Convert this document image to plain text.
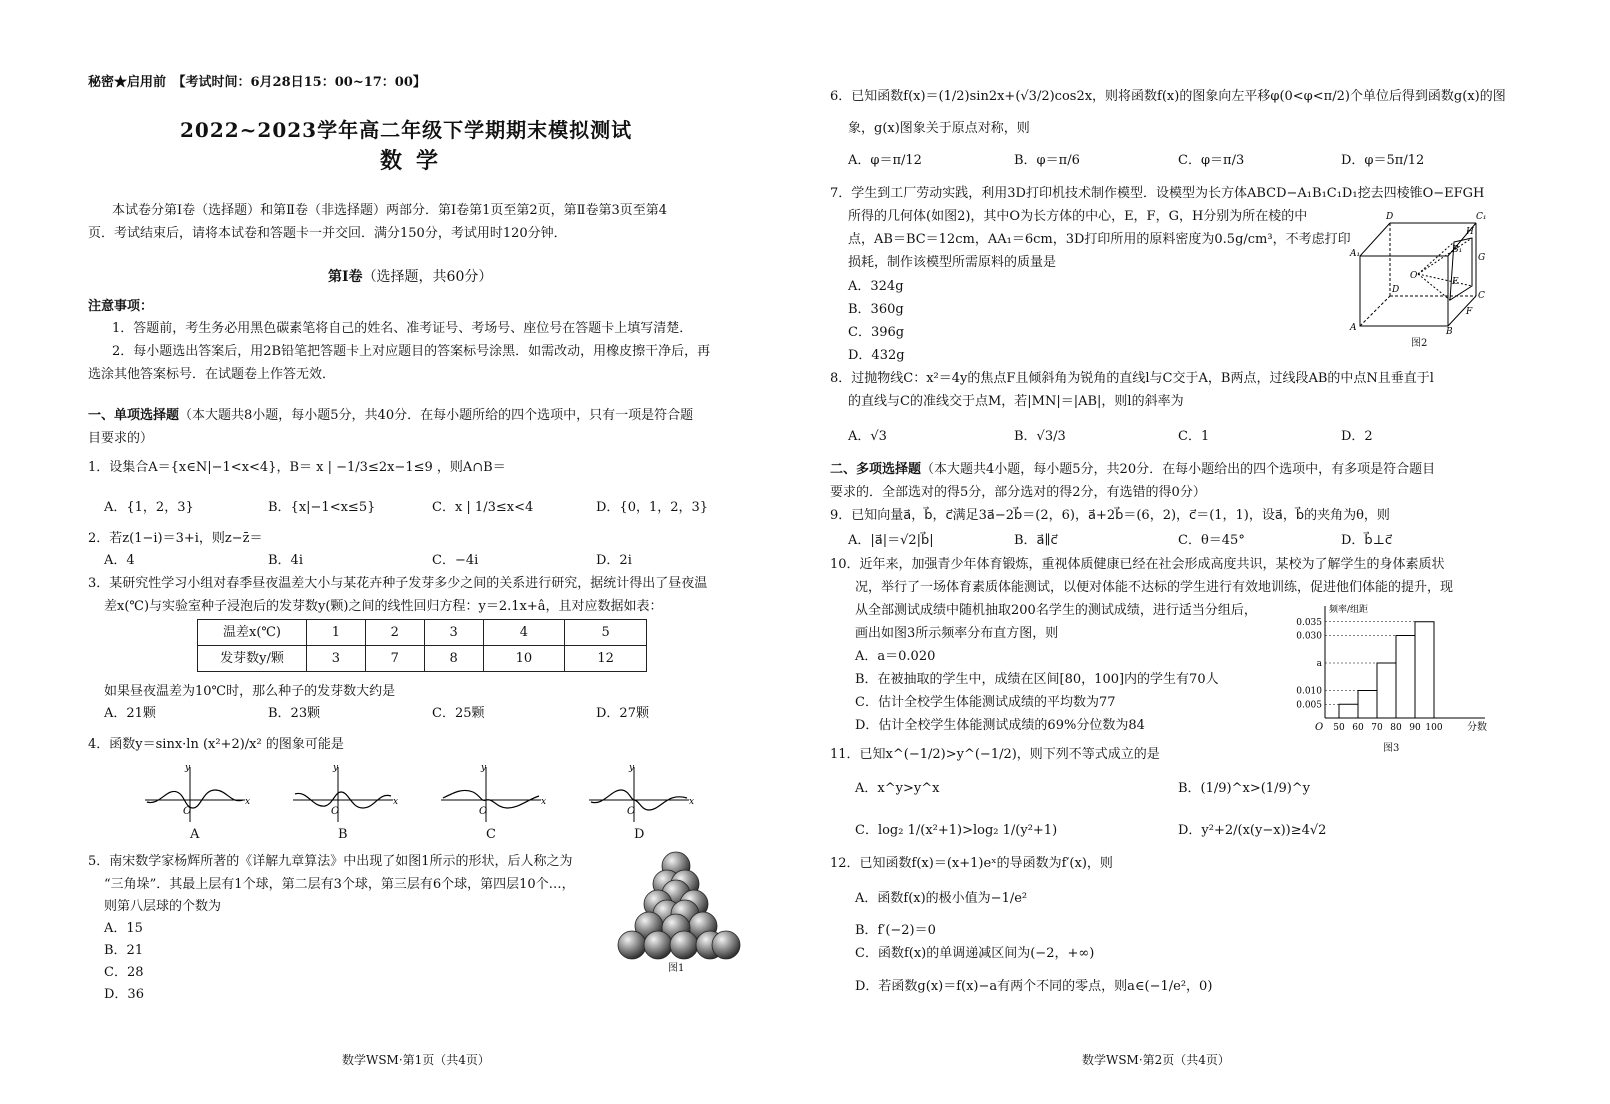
秘密★启用前　【考试时间：6月28日15：00~17：00】
2022~2023学年高二年级下学期期末模拟测试
数学
本试卷分第Ⅰ卷（选择题）和第Ⅱ卷（非选择题）两部分．第Ⅰ卷第1页至第2页，第Ⅱ卷第3页至第4
页．考试结束后，请将本试卷和答题卡一并交回．满分150分，考试用时120分钟．
第Ⅰ卷（选择题，共60分）
注意事项：
1．答题前，考生务必用黑色碳素笔将自己的姓名、准考证号、考场号、座位号在答题卡上填写清楚．
2．每小题选出答案后，用2B铅笔把答题卡上对应题目的答案标号涂黑．如需改动，用橡皮擦干净后，再
选涂其他答案标号．在试题卷上作答无效．
一、单项选择题（本大题共8小题，每小题5分，共40分．在每小题所给的四个选项中，只有一项是符合题
目要求的）
1．设集合A＝{x∈N|−1<x<4}，B＝ x | −1/3≤2x−1≤9 ，则A∩B＝
A．{1，2，3}	B．{x|−1<x≤5}	C．x | 1/3≤x<4	D．{0，1，2，3}
2．若z(1−i)＝3+i，则z−z̄＝
A．4	B．4i	C．−4i	D．2i
3．某研究性学习小组对春季昼夜温差大小与某花卉种子发芽多少之间的关系进行研究，据统计得出了昼夜温
差x(℃)与实验室种子浸泡后的发芽数y(颗)之间的线性回归方程：y＝2.1x+â，且对应数据如表：
温差x(℃)	1	2	3	4	5
发芽数y/颗	3	7	8	10	12
如果昼夜温差为10℃时，那么种子的发芽数大约是
A．21颗	B．23颗	C．25颗	D．27颗
4．函数y＝sinx·ln (x²+2)/x² 的图象可能是
O
y
x
O
y
x
O
y
x
O
y
x
A	B	C	D
5．南宋数学家杨辉所著的《详解九章算法》中出现了如图1所示的形状，后人称之为
“三角垛”．其最上层有1个球，第二层有3个球，第三层有6个球，第四层10个…，
则第八层球的个数为
A．15
B．21
C．28
D．36
图1
数学WSM·第1页（共4页）
6．已知函数f(x)＝(1/2)sin2x+(√3/2)cos2x，则将函数f(x)的图象向左平移φ(0<φ<π/2)个单位后得到函数g(x)的图
象，g(x)图象关于原点对称，则
A．φ＝π/12	B．φ＝π/6	C．φ＝π/3	D．φ＝5π/12
7．学生到工厂劳动实践，利用3D打印机技术制作模型．设模型为长方体ABCD−A₁B₁C₁D₁挖去四棱锥O−EFGH
所得的几何体(如图2)，其中O为长方体的中心，E，F，G，H分别为所在棱的中
点，AB＝BC＝12cm，AA₁＝6cm，3D打印所用的原料密度为0.5g/cm³，不考虑打印
损耗，制作该模型所需原料的质量是
A．324g
B．360g
C．396g
D．432g
D	C₁
A₁	B₁
H
G
O
E
D
C
A	B
F
图2
8．过抛物线C：x²＝4y的焦点F且倾斜角为锐角的直线l与C交于A，B两点，过线段AB的中点N且垂直于l
的直线与C的准线交于点M，若|MN|＝|AB|，则l的斜率为
A．√3	B．√3/3	C．1	D．2
二、多项选择题（本大题共4小题，每小题5分，共20分．在每小题给出的四个选项中，有多项是符合题目
要求的．全部选对的得5分，部分选对的得2分，有选错的得0分）
9．已知向量a⃗，b⃗，c⃗满足3a⃗−2b⃗＝(2，6)，a⃗+2b⃗＝(6，2)，c⃗＝(1，1)，设a⃗，b⃗的夹角为θ，则
A．|a⃗|＝√2|b⃗|	B．a⃗∥c⃗	C．θ＝45°	D．b⃗⊥c⃗
10．近年来，加强青少年体育锻炼，重视体质健康已经在社会形成高度共识，某校为了解学生的身体素质状
况，举行了一场体育素质体能测试，以便对体能不达标的学生进行有效地训练，促进他们体能的提升，现
从全部测试成绩中随机抽取200名学生的测试成绩，进行适当分组后，
画出如图3所示频率分布直方图，则
A．a＝0.020
B．在被抽取的学生中，成绩在区间[80，100]内的学生有70人
C．估计全校学生体能测试成绩的平均数为77
D．估计全校学生体能测试成绩的69%分位数为84
0.035
0.030
a
0.010
0.005
50 60 70 80 90 100
O	分数
频率/组距
图3
11．已知x^(−1/2)>y^(−1/2)，则下列不等式成立的是
A．x^y>y^x	B．(1/9)^x>(1/9)^y
C．log₂ 1/(x²+1)>log₂ 1/(y²+1)	D．y²+2/(x(y−x))≥4√2
12．已知函数f(x)＝(x+1)eˣ的导函数为f′(x)，则
A．函数f(x)的极小值为−1/e²
B．f′(−2)＝0
C．函数f(x)的单调递减区间为(−2，+∞)
D．若函数g(x)＝f(x)−a有两个不同的零点，则a∈(−1/e²，0)
数学WSM·第2页（共4页）
